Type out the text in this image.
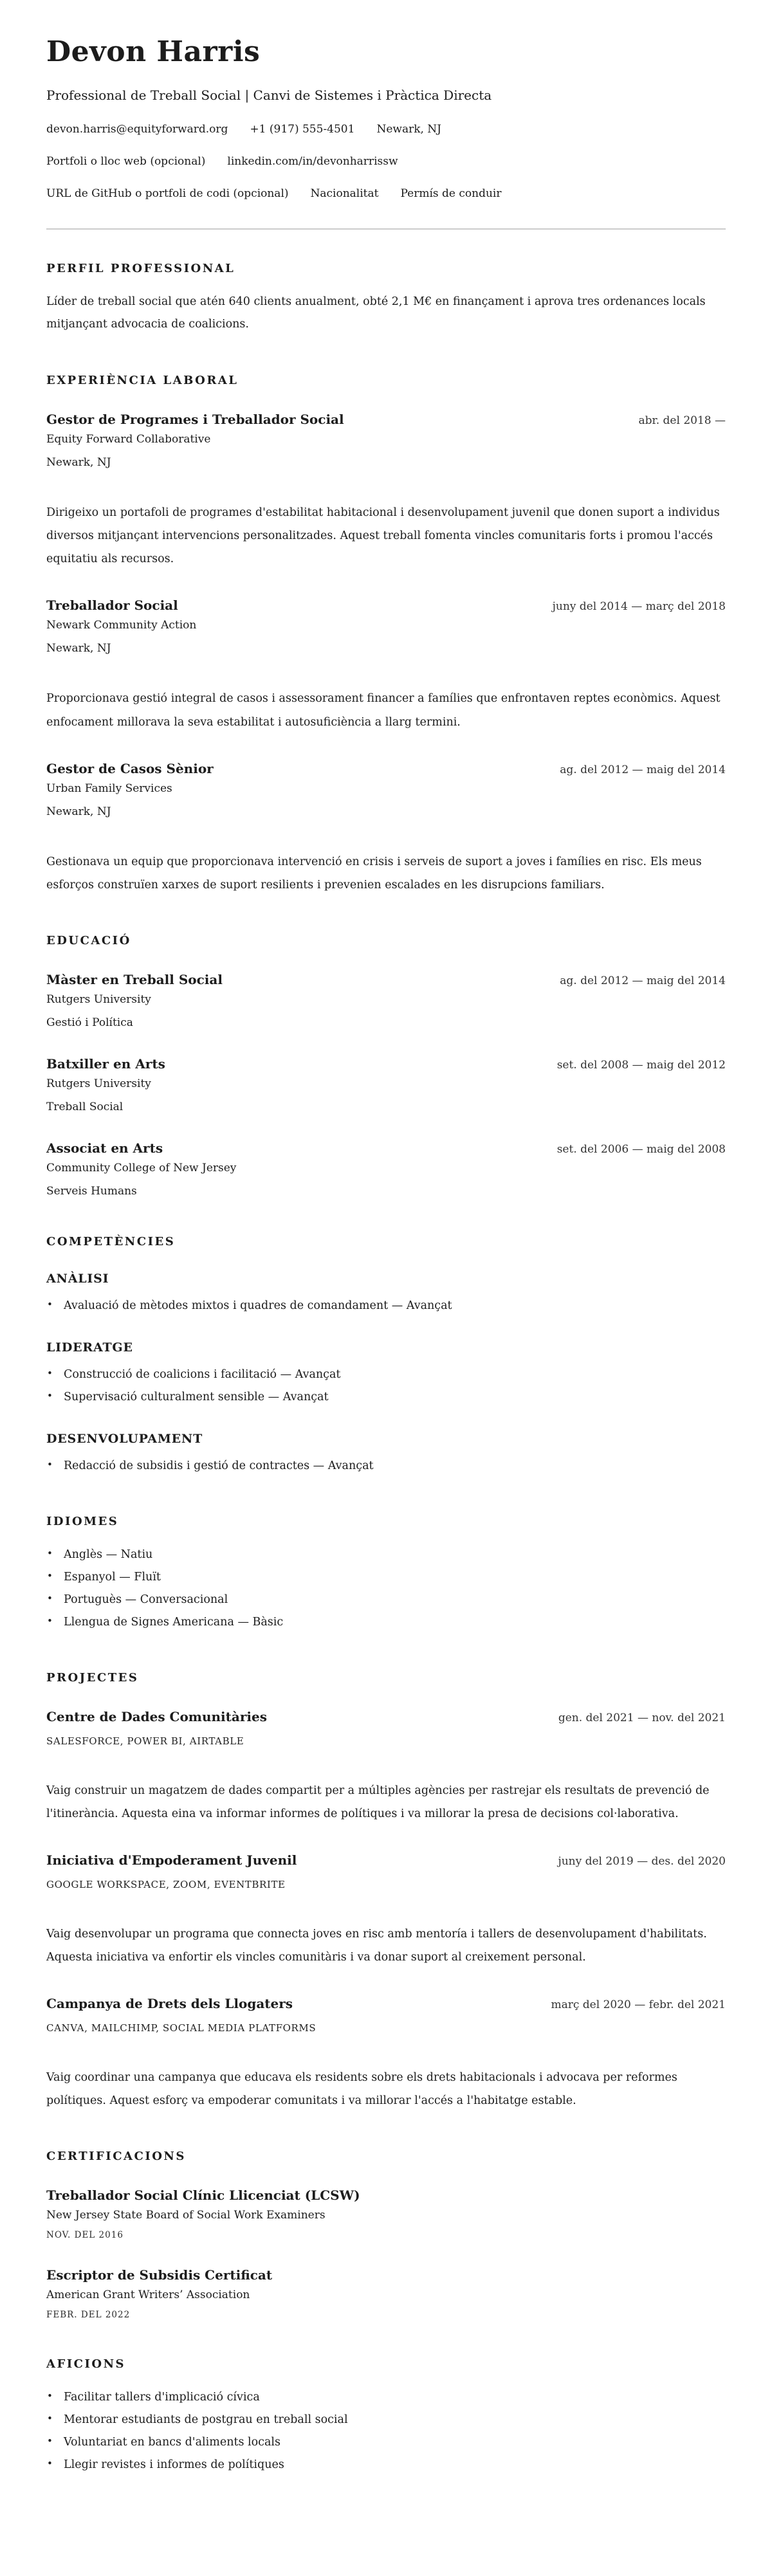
Devon Harris

Professional de Treball Social | Canvi de Sistemes i Pràctica Directa

devon.harris@equityforward.org +1 (917) 555-4501 Newark, NJ
Portfoli o lloc web (opcional) linkedin.com/in/devonharrissw
URL de GitHub o portfoli de codi (opcional) Nacionalitat Permís de conduir
PERFIL PROFESSIONAL

Líder de treball social que atén 640 clients anualment, obté 2,1 M€ en finançament i aprova tres ordenances locals mitjançant advocacia de coalicions.

EXPERIÈNCIA LABORAL
Gestor de Programes i Treballador Social	abr. del 2018 —
Equity Forward Collaborative
Newark, NJ

Dirigeixo un portafoli de programes d'estabilitat habitacional i desenvolupament juvenil que donen suport a individus diversos mitjançant intervencions personalitzades. Aquest treball fomenta vincles comunitaris forts i promou l'accés equitatiu als recursos.

Treballador Social	juny del 2014 — març del 2018
Newark Community Action
Newark, NJ

Proporcionava gestió integral de casos i assessorament financer a famílies que enfrontaven reptes econòmics. Aquest enfocament millorava la seva estabilitat i autosuficiència a llarg termini.

Gestor de Casos Sènior	ag. del 2012 — maig del 2014
Urban Family Services
Newark, NJ

Gestionava un equip que proporcionava intervenció en crisis i serveis de suport a joves i famílies en risc. Els meus esforços construïen xarxes de suport resilients i prevenien escalades en les disrupcions familiars.

EDUCACIÓ
Màster en Treball Social	ag. del 2012 — maig del 2014
Rutgers University
Gestió i Política
Batxiller en Arts	set. del 2008 — maig del 2012
Rutgers University
Treball Social
Associat en Arts	set. del 2006 — maig del 2008
Community College of New Jersey
Serveis Humans
COMPETÈNCIES
ANÀLISI
• Avaluació de mètodes mixtos i quadres de comandament — Avançat
LIDERATGE
• Construcció de coalicions i facilitació — Avançat
• Supervisació culturalment sensible — Avançat
DESENVOLUPAMENT
• Redacció de subsidis i gestió de contractes — Avançat
IDIOMES
• Anglès — Natiu
• Espanyol — Fluït
• Portuguès — Conversacional
• Llengua de Signes Americana — Bàsic
PROJECTES
Centre de Dades Comunitàries	gen. del 2021 — nov. del 2021
SALESFORCE, POWER BI, AIRTABLE

Vaig construir un magatzem de dades compartit per a múltiples agències per rastrejar els resultats de prevenció de l'itinerància. Aquesta eina va informar informes de polítiques i va millorar la presa de decisions col·laborativa.

Iniciativa d'Empoderament Juvenil	juny del 2019 — des. del 2020
GOOGLE WORKSPACE, ZOOM, EVENTBRITE

Vaig desenvolupar un programa que connecta joves en risc amb mentoría i tallers de desenvolupament d'habilitats. Aquesta iniciativa va enfortir els vincles comunitàris i va donar suport al creixement personal.

Campanya de Drets dels Llogaters	març del 2020 — febr. del 2021
CANVA, MAILCHIMP, SOCIAL MEDIA PLATFORMS

Vaig coordinar una campanya que educava els residents sobre els drets habitacionals i advocava per reformes polítiques. Aquest esforç va empoderar comunitats i va millorar l'accés a l'habitatge estable.

CERTIFICACIONS
Treballador Social Clínic Llicenciat (LCSW)
New Jersey State Board of Social Work Examiners
NOV. DEL 2016
Escriptor de Subsidis Certificat
American Grant Writers’ Association
FEBR. DEL 2022
AFICIONS
• Facilitar tallers d'implicació cívica
• Mentorar estudiants de postgrau en treball social
• Voluntariat en bancs d'aliments locals
• Llegir revistes i informes de polítiques
